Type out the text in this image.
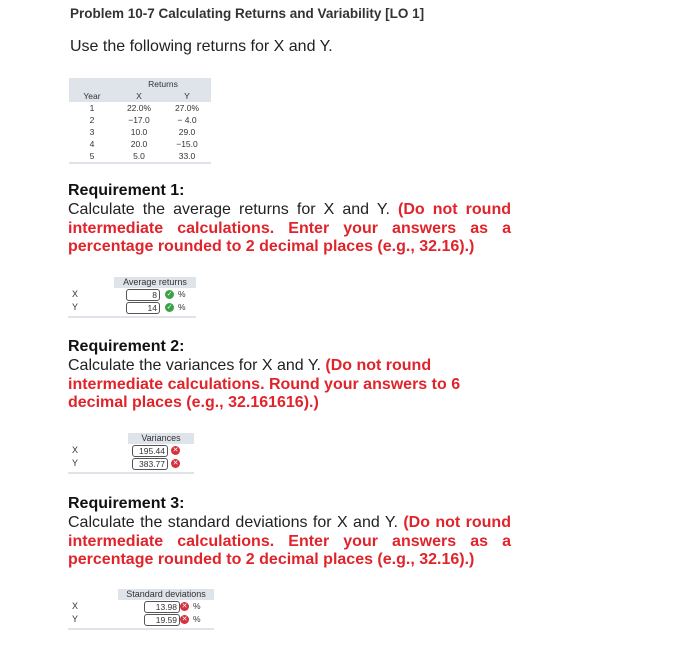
Problem 10-7 Calculating Returns and Variability [LO 1]
Use the following returns for X and Y.
	Returns	
Year	X	Y
1	22.0%	27.0%
2	−17.0	− 4.0
3	10.0	29.0
4	20.0	−15.0
5	5.0	33.0
Requirement 1:
Calculate the average returns for X and Y. (Do not round intermediate calculations. Enter your answers as a percentage rounded to 2 decimal places (e.g., 32.16).)
Average returns
X	8	✓ %
Y	14	✓ %
Requirement 2:
Calculate the variances for X and Y. (Do not round intermediate calculations. Round your answers to 6 decimal places (e.g., 32.161616).)
Variances
X	195.44	✕
Y	383.77	✕
Requirement 3:
Calculate the standard deviations for X and Y. (Do not round intermediate calculations. Enter your answers as a percentage rounded to 2 decimal places (e.g., 32.16).)
Standard deviations
X	13.98 ✕ %
Y	19.59 ✕ %
